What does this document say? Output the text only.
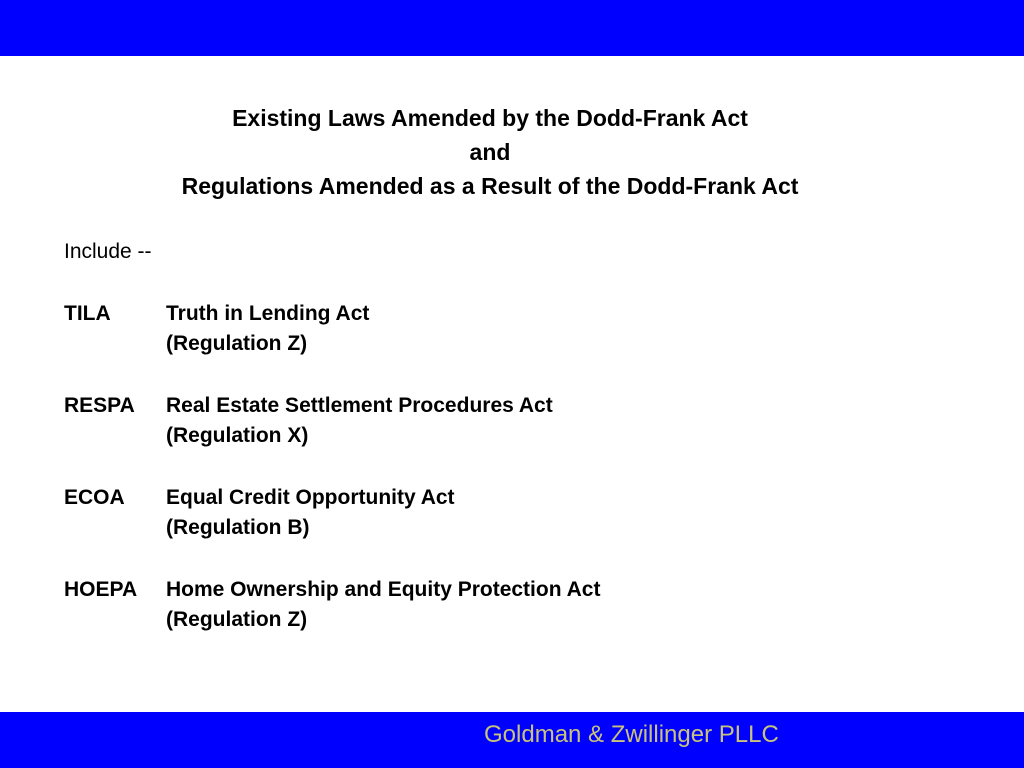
Existing Laws Amended by the Dodd-Frank Act
and
Regulations Amended as a Result of the Dodd-Frank Act
Include --
TILA	Truth in Lending Act
(Regulation Z)
RESPA Real Estate Settlement Procedures Act
(Regulation X)
ECOA Equal Credit Opportunity Act
(Regulation B)
HOEPA Home Ownership and Equity Protection Act
(Regulation Z)
Goldman & Zwillinger PLLC
